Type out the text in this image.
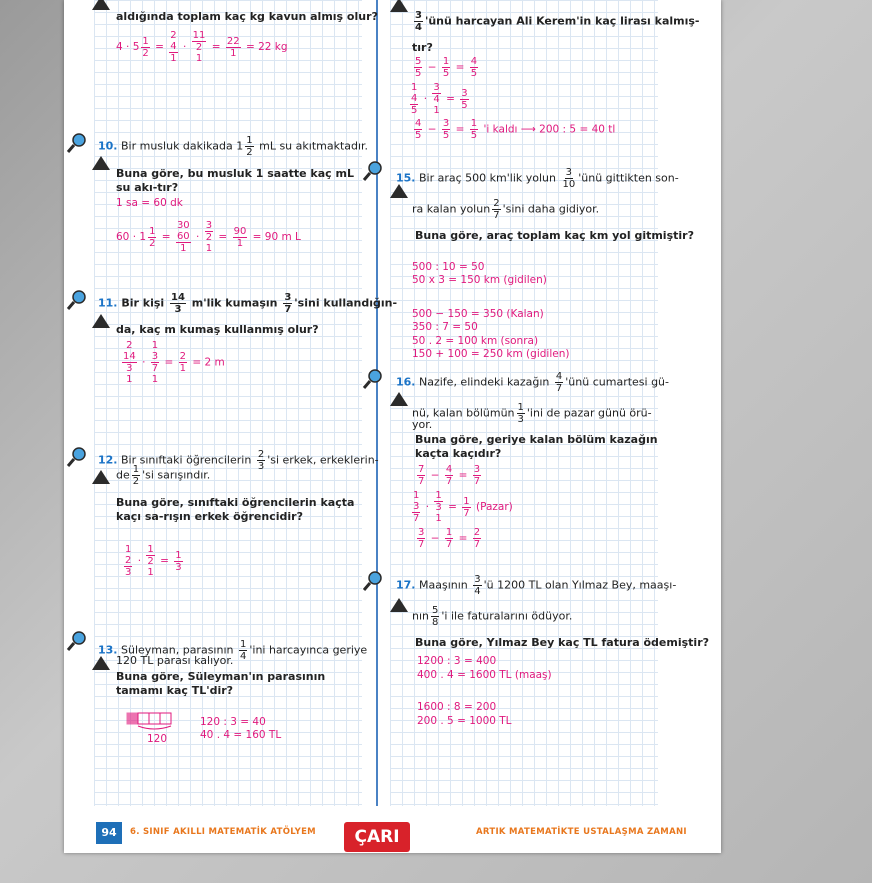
aldığında toplam kaç kg kavun almış olur?
$4 \cdot 5 \frac{1}{2}$ =
2
4
1
·
11
2
1
= $\frac{22}{1} = 22$ kg
10. Bir musluk dakikada $1 \frac{1}{2}$ mL su akıtmaktadır.
Buna göre, bu musluk 1 saatte kaç mL su akı-tır?
1 sa = 60 dk
$60 \cdot 1 \frac{1}{2}$ =
30
60
1
·
3
2
1
= $\frac{90}{1} = 90$ m L
11. Bir kişi $\frac{14}{3} m'lik$ kumaşın $\frac{3}{7}$ 'sini kullandığın-
da, kaç m kumaş kullanmış olur?
2
14
3
1
·
1
3
7
1
= $\frac{2}{1} = 2$ m
12. Bir sınıftaki öğrencilerin $\frac{2}{3}$ 'si erkek, erkeklerin-
de $\frac{1}{2}$ 'si sarışındır.
Buna göre, sınıftaki öğrencilerin kaçta kaçı sa-rışın erkek öğrencidir?
1
2
3
·
1
2
1
= $\frac{1}{3}$
13. Süleyman, parasının $\frac{1}{4}$ 'ini harcayınca geriye
120 TL parası kalıyor.
Buna göre, Süleyman'ın parasının tamamı kaç TL'dir?
120
120 : 3 = 40
40 . 4 = 160 TL
$\frac{3}{4}$ 'ünü harcayan Ali Kerem'in kaç lirası kalmış-
tır?
$\frac{5}{5} - \frac{1}{5} = \frac{4}{5}$
1
4
5
·
3
4
1
= $\frac{3}{5}$
$\frac{4}{5} - \frac{3}{5} = \frac{1}{5}$ 'i kaldı ⟶ 200 : 5 = 40 tl
15. Bir araç 500 km'lik yolun $\frac{3}{10}$ 'ünü gittikten son-
ra kalan yolun $\frac{2}{7}$ 'sini daha gidiyor.
Buna göre, araç toplam kaç km yol gitmiştir?
500 : 10 = 50
50 x 3 = 150 km (gidilen)
500 − 150 = 350 (Kalan)
350 : 7 = 50
50 . 2 = 100 km (sonra)
150 + 100 = 250 km (gidilen)
16. Nazife, elindeki kazağın $\frac{4}{7}$ 'ünü cumartesi gü-
nü, kalan bölümün $\frac{1}{3}$ 'ini de pazar günü örü-
yor.
Buna göre, geriye kalan bölüm kazağın kaçta kaçıdır?
$\frac{7}{7} - \frac{4}{7} = \frac{3}{7}$
1
3
7
·
1
3
1
= $\frac{1}{7}$ (Pazar)
$\frac{3}{7} - \frac{1}{7} = \frac{2}{7}$
17. Maaşının $\frac{3}{4}$ 'ü 1200 TL olan Yılmaz Bey, maaşı-
nın $\frac{5}{8}$ 'i ile faturalarını ödüyor.
Buna göre, Yılmaz Bey kaç TL fatura ödemiştir?
1200 : 3 = 400
400 . 4 = 1600 TL (maaş)
1600 : 8 = 200
200 . 5 = 1000 TL
94	6. SINIF AKILLI MATEMATİK ATÖLYEM	ÇARI	ARTIK MATEMATİKTE USTALAŞMA ZAMANI
